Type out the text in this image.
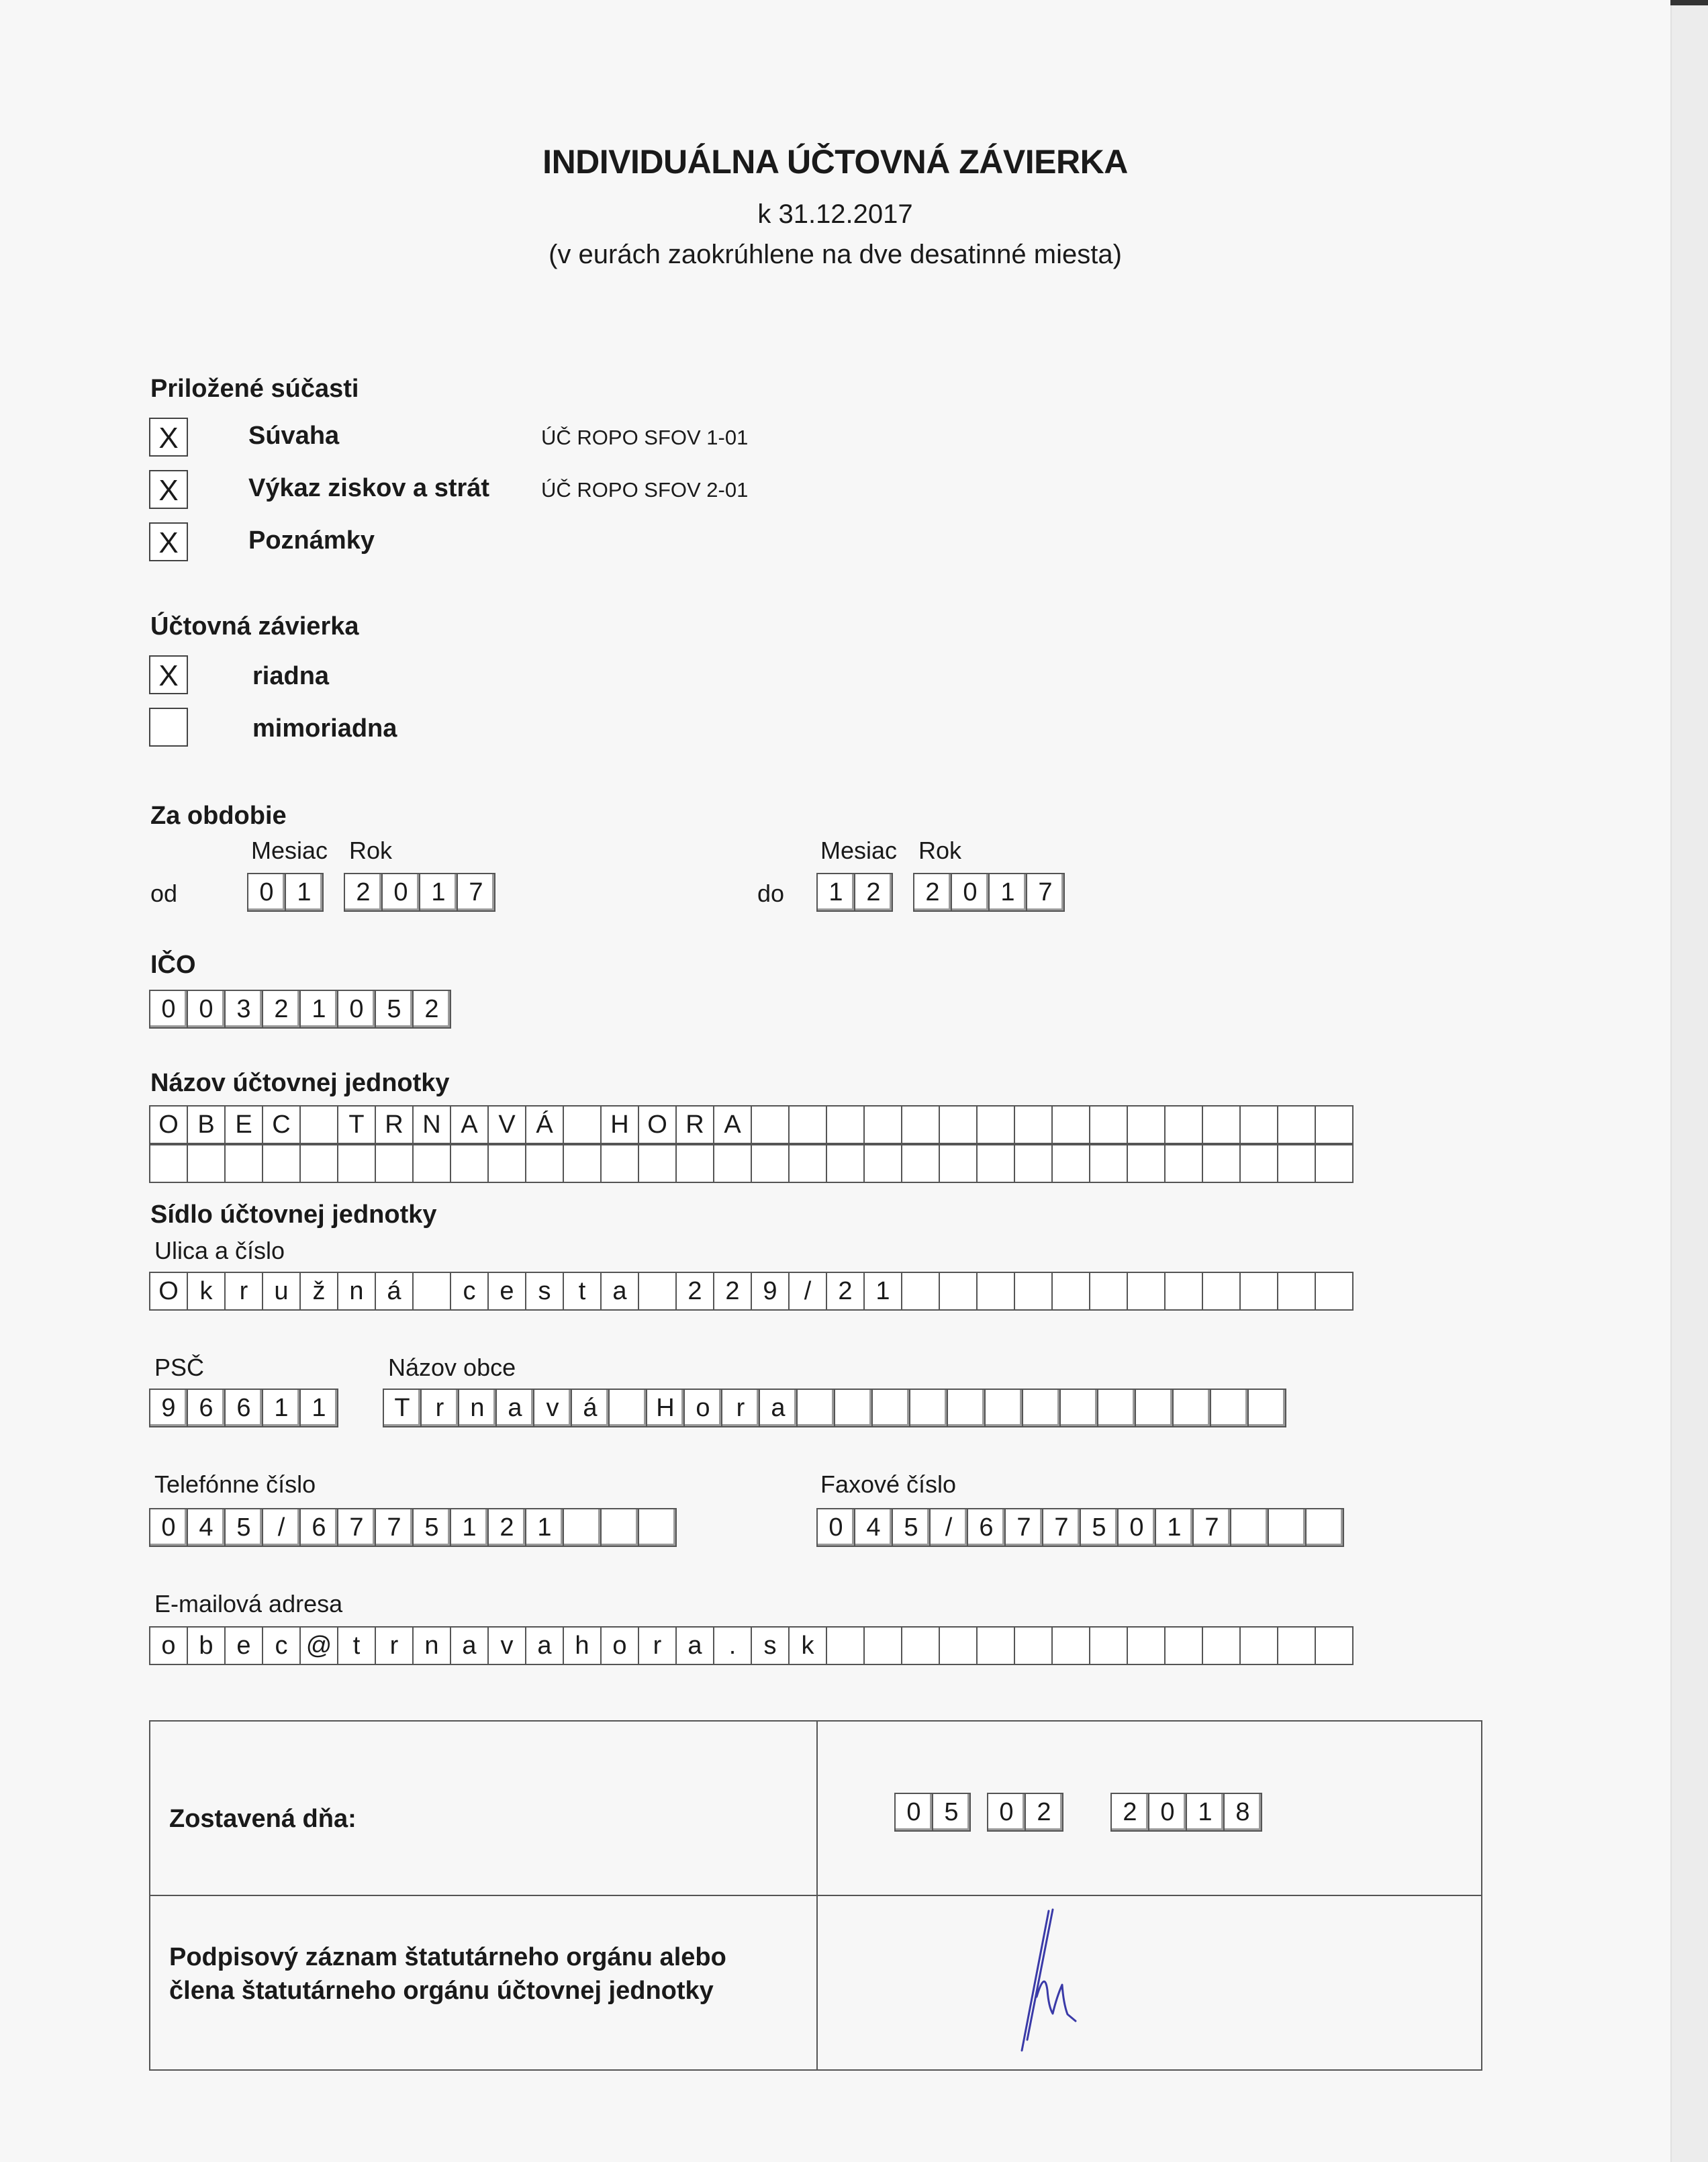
INDIVIDUÁLNA ÚČTOVNÁ ZÁVIERKA
k 31.12.2017
(v eurách zaokrúhlene na dve desatinné miesta)
Priložené súčasti
X	Súvaha	ÚČ ROPO SFOV 1-01
X	Výkaz ziskov a strát ÚČ ROPO SFOV 2-01
X	Poznámky
Účtovná závierka
X	riadna
mimoriadna
Za obdobie
Mesiac Rok
od	0 1	2 0 1 7
Mesiac Rok
do	1 2	2 0 1 7
IČO
0 0 3 2 1 0 5 2
Názov účtovnej jednotky
O B E C	T R N A V Á	H O R A
Sídlo účtovnej jednotky
Ulica a číslo
O k	r	u ž n á	c e s	t	a	2 2 9	/	2 1
PSČ
9 6 6 1 1
Názov obce
T	r	n a v á	H o	r	a
Telefónne číslo
0 4 5	/	6 7 7 5 1 2 1
Faxové číslo
0 4 5	/	6 7 7 5 0 1 7
E-mailová adresa
o b e c @ t	r	n a v a h o	r	a	.	s k
Zostavená dňa:	0 5	0 2	2 0 1 8
Podpisový záznam štatutárneho orgánu alebo
člena štatutárneho orgánu účtovnej jednotky
